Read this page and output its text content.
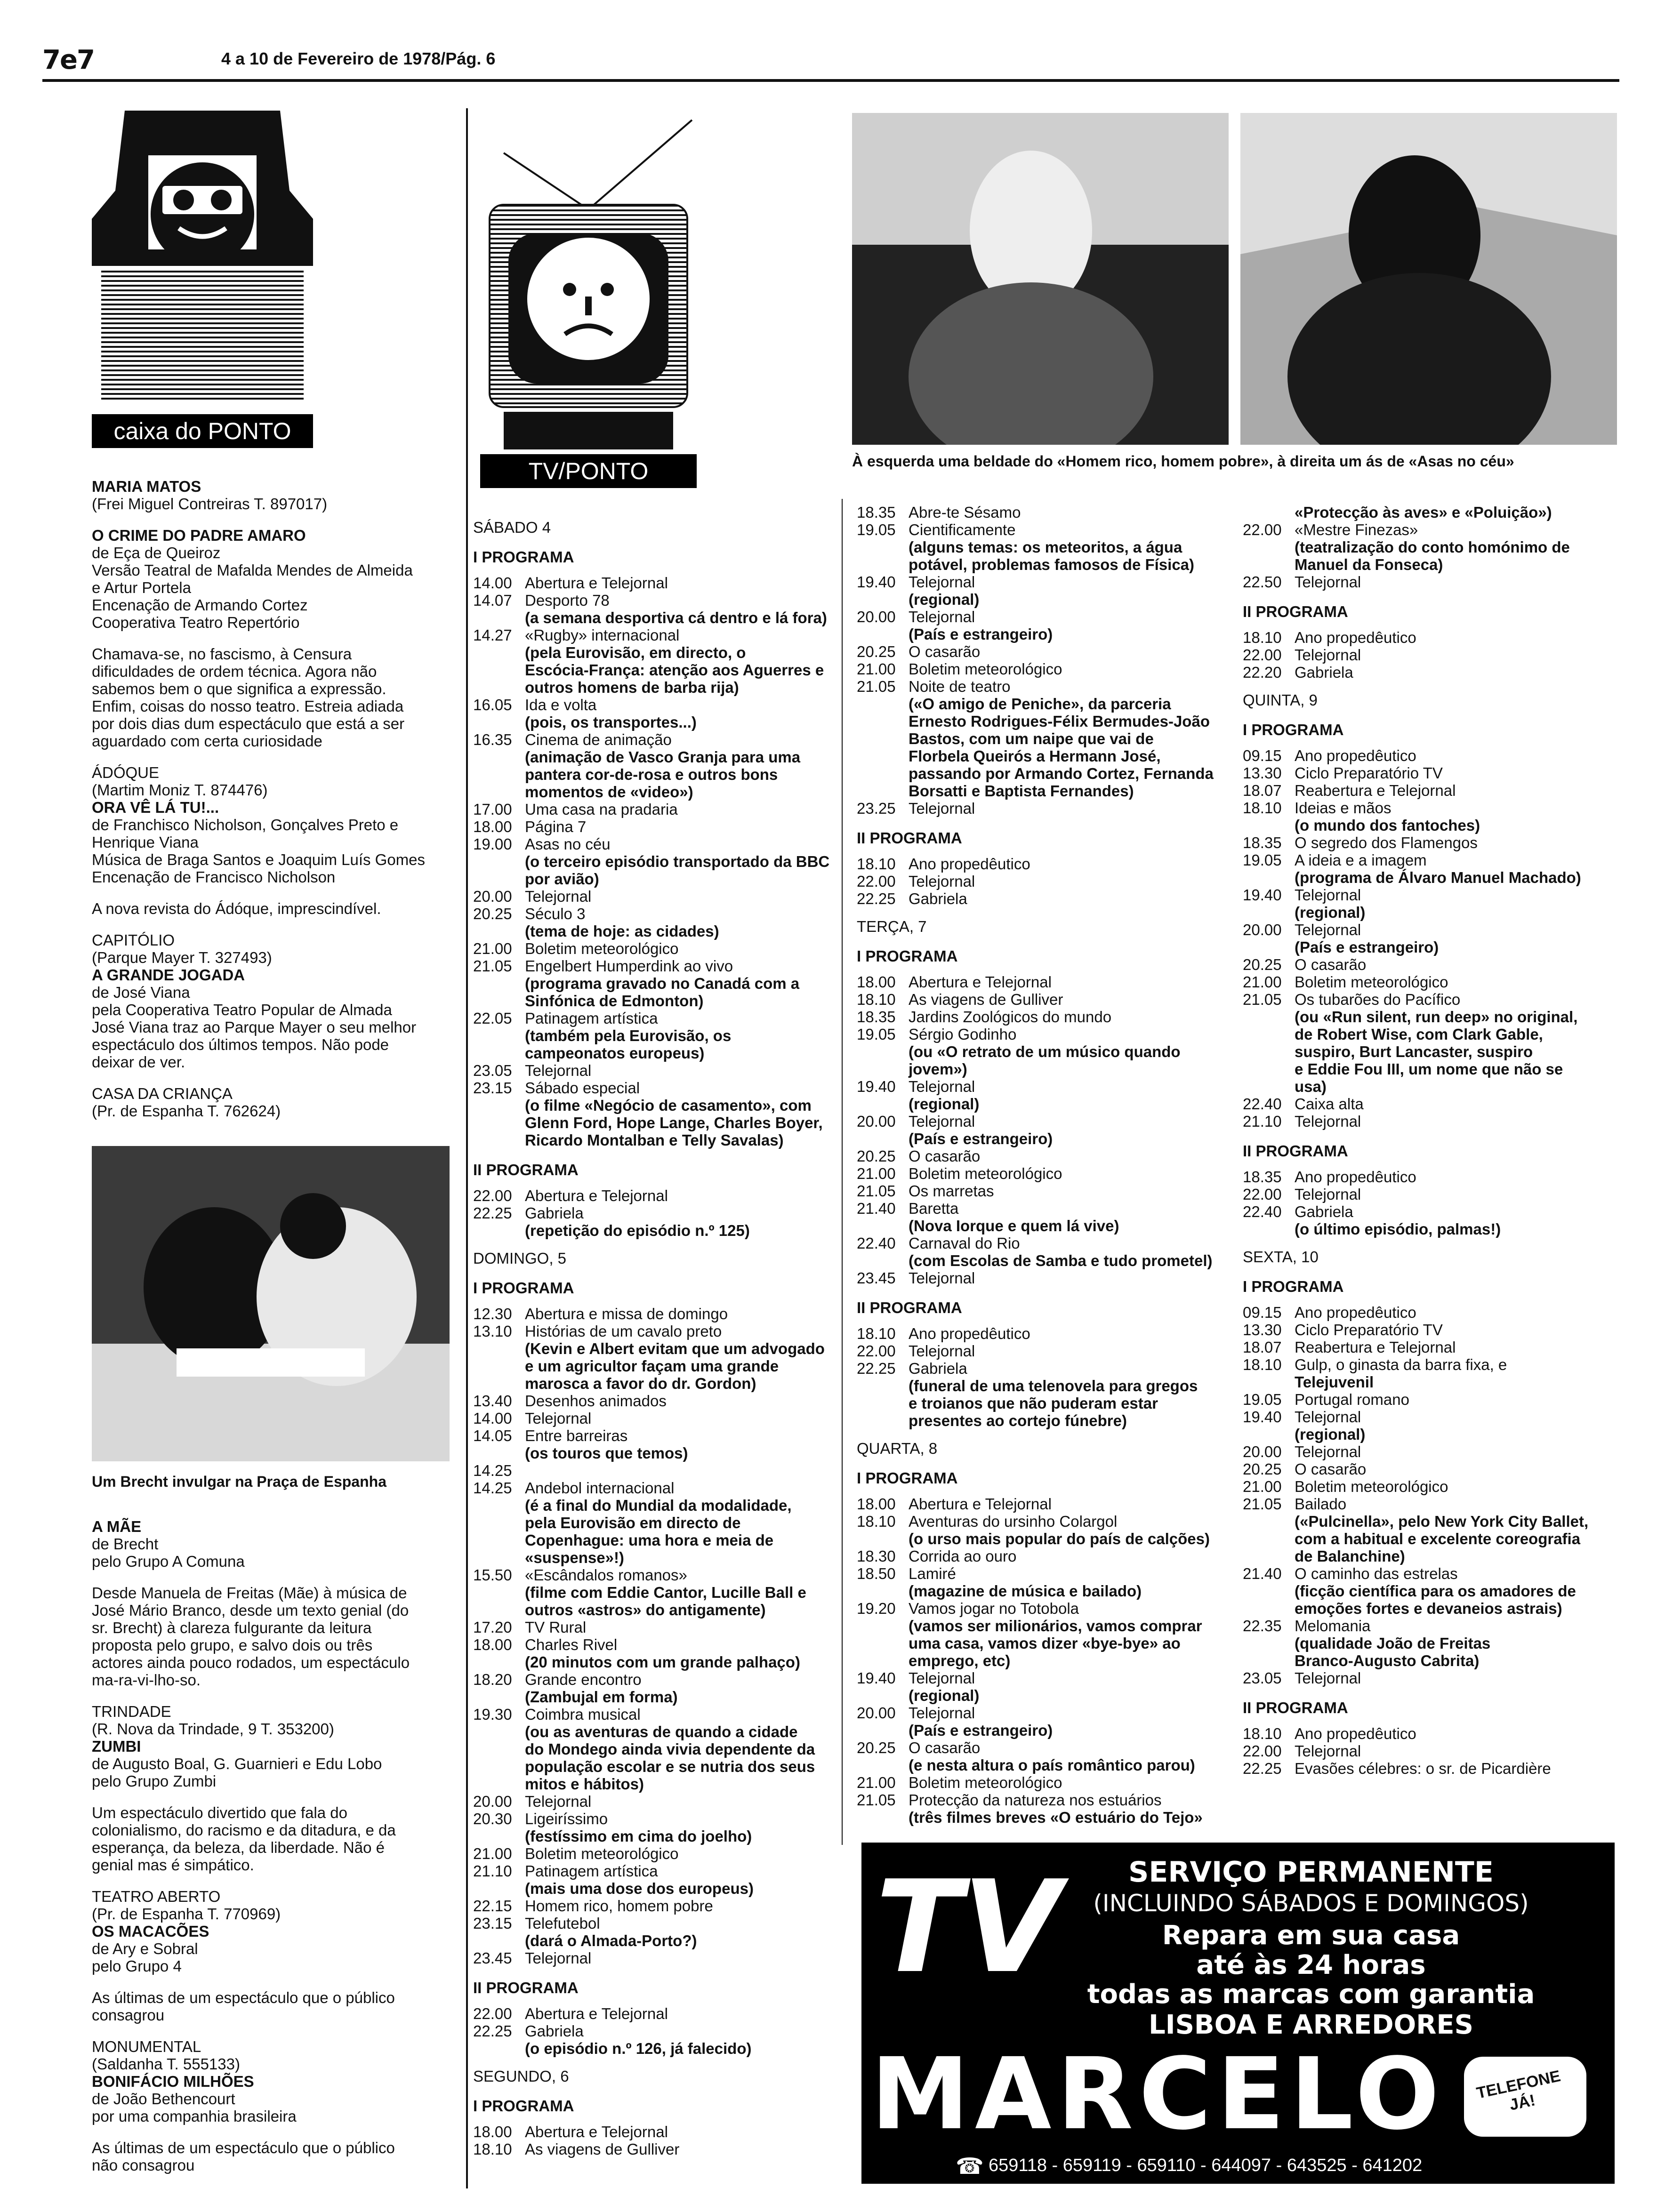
7e7	4 a 10 de Fevereiro de 1978/Pág. 6
caixa do PONTO

MARIA MATOS

(Frei Miguel Contreiras T. 897017)

O CRIME DO PADRE AMARO

de Eça de Queiroz

Versão Teatral de Mafalda Mendes de Almeida

e Artur Portela

Encenação de Armando Cortez

Cooperativa Teatro Repertório

Chamava-se, no fascismo, à Censura

dificuldades de ordem técnica. Agora não

sabemos bem o que significa a expressão.

Enfim, coisas do nosso teatro. Estreia adiada

por dois dias dum espectáculo que está a ser

aguardado com certa curiosidade

ÁDÓQUE

(Martim Moniz T. 874476)

ORA VÊ LÁ TU!...

de Franchisco Nicholson, Gonçalves Preto e

Henrique Viana

Música de Braga Santos e Joaquim Luís Gomes

Encenação de Francisco Nicholson

A nova revista do Ádóque, imprescindível.

CAPITÓLIO

(Parque Mayer T. 327493)

A GRANDE JOGADA

de José Viana

pela Cooperativa Teatro Popular de Almada

José Viana traz ao Parque Mayer o seu melhor

espectáculo dos últimos tempos. Não pode

deixar de ver.

CASA DA CRIANÇA

(Pr. de Espanha T. 762624)

Um Brecht invulgar na Praça de Espanha

A MÃE

de Brecht

pelo Grupo A Comuna

Desde Manuela de Freitas (Mãe) à música de

José Mário Branco, desde um texto genial (do

sr. Brecht) à clareza fulgurante da leitura

proposta pelo grupo, e salvo dois ou três

actores ainda pouco rodados, um espectáculo

ma-ra-vi-lho-so.

TRINDADE

(R. Nova da Trindade, 9 T. 353200)

ZUMBI

de Augusto Boal, G. Guarnieri e Edu Lobo

pelo Grupo Zumbi

Um espectáculo divertido que fala do

colonialismo, do racismo e da ditadura, e da

esperança, da beleza, da liberdade. Não é

genial mas é simpático.

TEATRO ABERTO

(Pr. de Espanha T. 770969)

OS MACACÕES

de Ary e Sobral

pelo Grupo 4

As últimas de um espectáculo que o público

consagrou

MONUMENTAL

(Saldanha T. 555133)

BONIFÁCIO MILHÕES

de João Bethencourt

por uma companhia brasileira

As últimas de um espectáculo que o público

não consagrou

TV/PONTO
SÁBADO 4
I PROGRAMA
14.00 Abertura e Telejornal
14.07 Desporto 78
(a semana desportiva cá dentro e lá fora)
14.27 «Rugby» internacional
(pela Eurovisão, em directo, o
Escócia-França: atenção aos Aguerres e
outros homens de barba rija)
16.05 Ida e volta
(pois, os transportes...)
16.35 Cinema de animação
(animação de Vasco Granja para uma
pantera cor-de-rosa e outros bons
momentos de «video»)
17.00 Uma casa na pradaria
18.00 Página 7
19.00 Asas no céu
(o terceiro episódio transportado da BBC
por avião)
20.00 Telejornal
20.25 Século 3
(tema de hoje: as cidades)
21.00 Boletim meteorológico
21.05 Engelbert Humperdink ao vivo
(programa gravado no Canadá com a
Sinfónica de Edmonton)
22.05 Patinagem artística
(também pela Eurovisão, os
campeonatos europeus)
23.05 Telejornal
23.15 Sábado especial
(o filme «Negócio de casamento», com
Glenn Ford, Hope Lange, Charles Boyer,
Ricardo Montalban e Telly Savalas)
II PROGRAMA
22.00 Abertura e Telejornal
22.25 Gabriela
(repetição do episódio n.º 125)
DOMINGO, 5
I PROGRAMA
12.30 Abertura e missa de domingo
13.10 Histórias de um cavalo preto
(Kevin e Albert evitam que um advogado
e um agricultor façam uma grande
marosca a favor do dr. Gordon)
13.40 Desenhos animados
14.00 Telejornal
14.05 Entre barreiras
(os touros que temos)
14.25
14.25 Andebol internacional
(é a final do Mundial da modalidade,
pela Eurovisão em directo de
Copenhague: uma hora e meia de
«suspense»!)
15.50 «Escândalos romanos»
(filme com Eddie Cantor, Lucille Ball e
outros «astros» do antigamente)
17.20 TV Rural
18.00 Charles Rivel
(20 minutos com um grande palhaço)
18.20 Grande encontro
(Zambujal em forma)
19.30 Coimbra musical
(ou as aventuras de quando a cidade
do Mondego ainda vivia dependente da
população escolar e se nutria dos seus
mitos e hábitos)
20.00 Telejornal
20.30 Ligeiríssimo
(festíssimo em cima do joelho)
21.00 Boletim meteorológico
21.10 Patinagem artística
(mais uma dose dos europeus)
22.15 Homem rico, homem pobre
23.15 Telefutebol
(dará o Almada-Porto?)
23.45 Telejornal
II PROGRAMA
22.00 Abertura e Telejornal
22.25 Gabriela
(o episódio n.º 126, já falecido)
SEGUNDO, 6
I PROGRAMA
18.00 Abertura e Telejornal
18.10 As viagens de Gulliver
À esquerda uma beldade do «Homem rico, homem pobre», à direita um ás de «Asas no céu»
18.35 Abre-te Sésamo
19.05 Cientificamente
(alguns temas: os meteoritos, a água
potável, problemas famosos de Física)
19.40 Telejornal
(regional)
20.00 Telejornal
(País e estrangeiro)
20.25 O casarão
21.00 Boletim meteorológico
21.05 Noite de teatro
(«O amigo de Peniche», da parceria
Ernesto Rodrigues-Félix Bermudes-João
Bastos, com um naipe que vai de
Florbela Queirós a Hermann José,
passando por Armando Cortez, Fernanda
Borsatti e Baptista Fernandes)
23.25 Telejornal
II PROGRAMA
18.10 Ano propedêutico
22.00 Telejornal
22.25 Gabriela
TERÇA, 7
I PROGRAMA
18.00 Abertura e Telejornal
18.10 As viagens de Gulliver
18.35 Jardins Zoológicos do mundo
19.05 Sérgio Godinho
(ou «O retrato de um músico quando
jovem»)
19.40 Telejornal
(regional)
20.00 Telejornal
(País e estrangeiro)
20.25 O casarão
21.00 Boletim meteorológico
21.05 Os marretas
21.40 Baretta
(Nova Iorque e quem lá vive)
22.40 Carnaval do Rio
(com Escolas de Samba e tudo prometel)
23.45 Telejornal
II PROGRAMA
18.10 Ano propedêutico
22.00 Telejornal
22.25 Gabriela
(funeral de uma telenovela para gregos
e troianos que não puderam estar
presentes ao cortejo fúnebre)
QUARTA, 8
I PROGRAMA
18.00 Abertura e Telejornal
18.10 Aventuras do ursinho Colargol
(o urso mais popular do país de calções)
18.30 Corrida ao ouro
18.50 Lamiré
(magazine de música e bailado)
19.20 Vamos jogar no Totobola
(vamos ser milionários, vamos comprar
uma casa, vamos dizer «bye-bye» ao
emprego, etc)
19.40 Telejornal
(regional)
20.00 Telejornal
(País e estrangeiro)
20.25 O casarão
(e nesta altura o país romântico parou)
21.00 Boletim meteorológico
21.05 Protecção da natureza nos estuários
(três filmes breves «O estuário do Tejo»
«Protecção às aves» e «Poluição»)
22.00 «Mestre Finezas»
(teatralização do conto homónimo de
Manuel da Fonseca)
22.50 Telejornal
II PROGRAMA
18.10 Ano propedêutico
22.00 Telejornal
22.20 Gabriela
QUINTA, 9
I PROGRAMA
09.15 Ano propedêutico
13.30 Ciclo Preparatório TV
18.07 Reabertura e Telejornal
18.10 Ideias e mãos
(o mundo dos fantoches)
18.35 O segredo dos Flamengos
19.05 A ideia e a imagem
(programa de Álvaro Manuel Machado)
19.40 Telejornal
(regional)
20.00 Telejornal
(País e estrangeiro)
20.25 O casarão
21.00 Boletim meteorológico
21.05 Os tubarões do Pacífico
(ou «Run silent, run deep» no original,
de Robert Wise, com Clark Gable,
suspiro, Burt Lancaster, suspiro
e Eddie Fou III, um nome que não se
usa)
22.40 Caixa alta
21.10 Telejornal
II PROGRAMA
18.35 Ano propedêutico
22.00 Telejornal
22.40 Gabriela
(o último episódio, palmas!)
SEXTA, 10
I PROGRAMA
09.15 Ano propedêutico
13.30 Ciclo Preparatório TV
18.07 Reabertura e Telejornal
18.10 Gulp, o ginasta da barra fixa, e
Telejuvenil
19.05 Portugal romano
19.40 Telejornal
(regional)
20.00 Telejornal
20.25 O casarão
21.00 Boletim meteorológico
21.05 Bailado
(«Pulcinella», pelo New York City Ballet,
com a habitual e excelente coreografia
de Balanchine)
21.40 O caminho das estrelas
(ficção científica para os amadores de
emoções fortes e devaneios astrais)
22.35 Melomania
(qualidade João de Freitas
Branco-Augusto Cabrita)
23.05 Telejornal
II PROGRAMA
18.10 Ano propedêutico
22.00 Telejornal
22.25 Evasões célebres: o sr. de Picardière
TV	SERVIÇO PERMANENTE
(INCLUINDO SÁBADOS E DOMINGOS)
Repara em sua casa
até às 24 horas
todas as marcas com garantia
LISBOA E ARREDORES
MARCELO TELEFONE JÁ!
☎ 659118 - 659119 - 659110 - 644097 - 643525 - 641202
